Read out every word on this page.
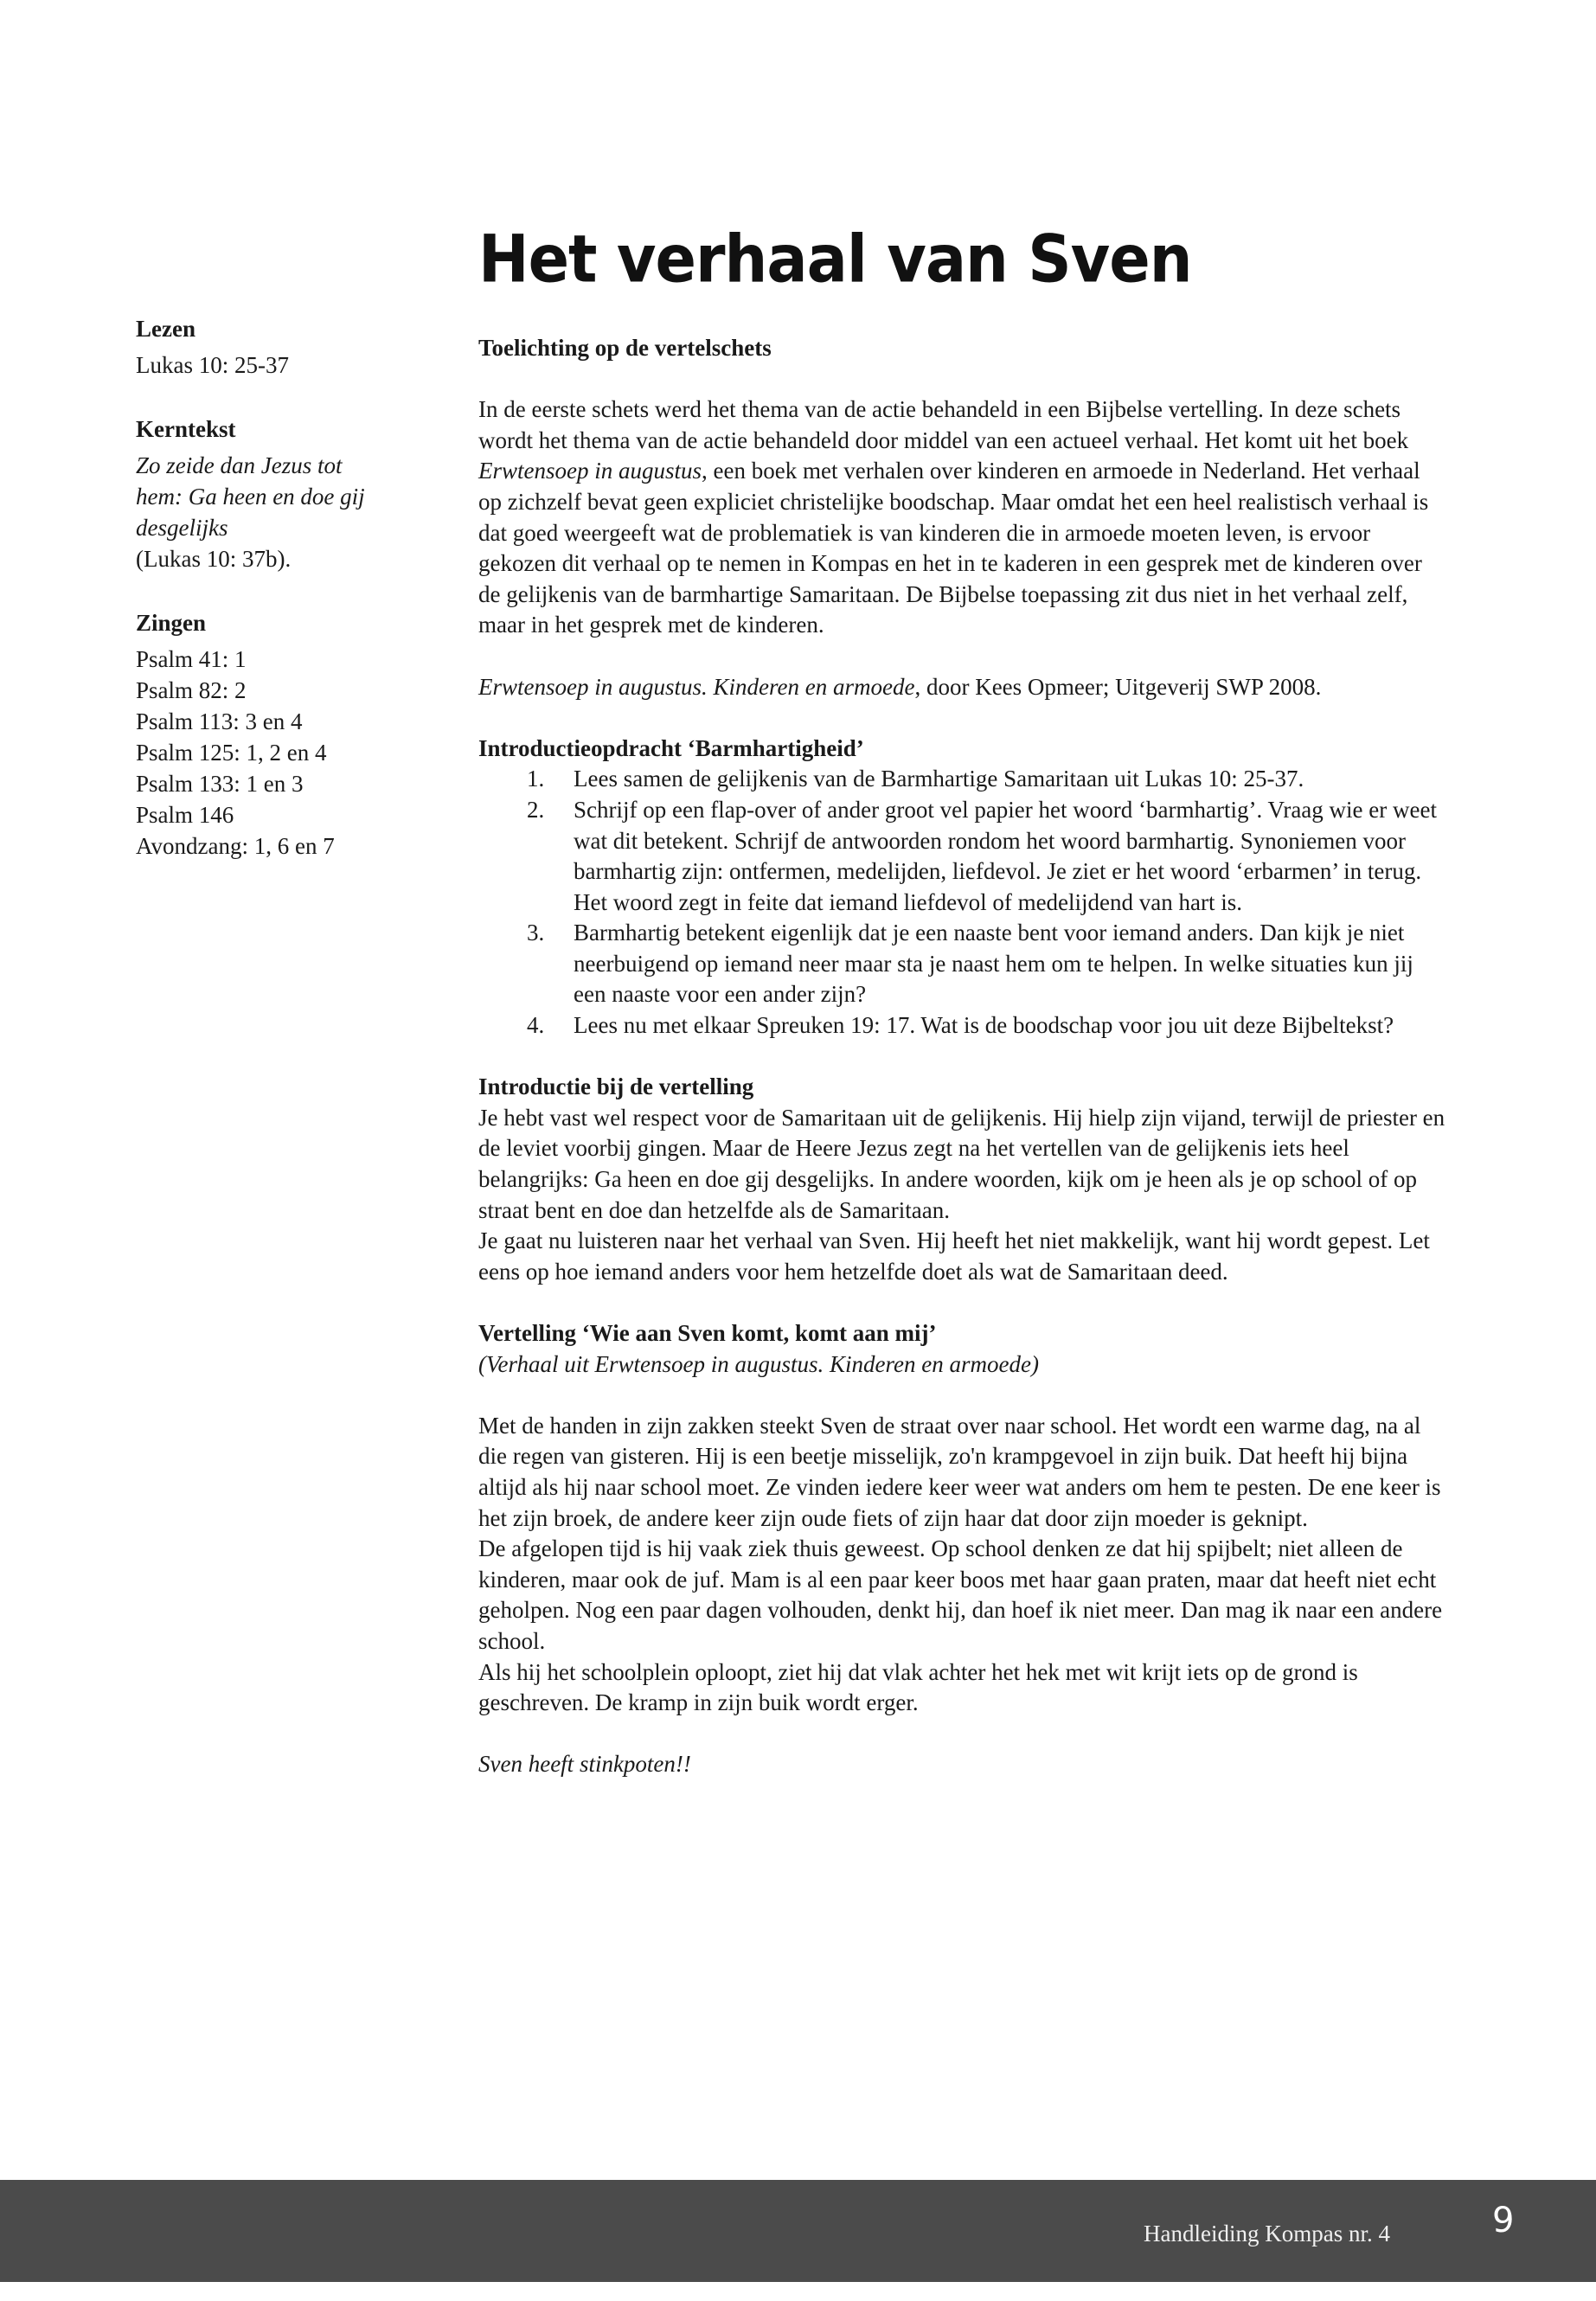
Het verhaal van Sven
Lezen
Lukas 10: 25-37
Kerntekst
Zo zeide dan Jezus tot
hem: Ga heen en doe gij
desgelijks
(Lukas 10: 37b).
Zingen
Psalm 41: 1
Psalm 82: 2
Psalm 113: 3 en 4
Psalm 125: 1, 2 en 4
Psalm 133: 1 en 3
Psalm 146
Avondzang: 1, 6 en 7

Toelichting op de vertelschets

In de eerste schets werd het thema van de actie behandeld in een Bijbelse vertelling. In deze schets wordt het thema van de actie behandeld door middel van een actueel verhaal. Het komt uit het boek Erwtensoep in augustus, een boek met verhalen over kinderen en armoede in Nederland. Het verhaal op zichzelf bevat geen expliciet christelijke boodschap. Maar omdat het een heel realistisch verhaal is dat goed weergeeft wat de problematiek is van kinderen die in armoede moeten leven, is ervoor gekozen dit verhaal op te nemen in Kompas en het in te kaderen in een gesprek met de kinderen over de gelijkenis van de barmhartige Samaritaan. De Bijbelse toepassing zit dus niet in het verhaal zelf, maar in het gesprek met de kinderen.

Erwtensoep in augustus. Kinderen en armoede, door Kees Opmeer; Uitgeverij SWP 2008.

Introductieopdracht ‘Barmhartigheid’

1. Lees samen de gelijkenis van de Barmhartige Samaritaan uit Lukas 10: 25-37.
2. Schrijf op een flap-over of ander groot vel papier het woord ‘barmhartig’. Vraag wie er weet wat dit betekent. Schrijf de antwoorden rondom het woord barmhartig. Synoniemen voor barmhartig zijn: ontfermen, medelijden, liefdevol. Je ziet er het woord ‘erbarmen’ in terug. Het woord zegt in feite dat iemand liefdevol of medelijdend van hart is.
3. Barmhartig betekent eigenlijk dat je een naaste bent voor iemand anders. Dan kijk je niet neerbuigend op iemand neer maar sta je naast hem om te helpen. In welke situaties kun jij een naaste voor een ander zijn?
4. Lees nu met elkaar Spreuken 19: 17. Wat is de boodschap voor jou uit deze Bijbeltekst?

Introductie bij de vertelling

Je hebt vast wel respect voor de Samaritaan uit de gelijkenis. Hij hielp zijn vijand, terwijl de priester en de leviet voorbij gingen. Maar de Heere Jezus zegt na het vertellen van de gelijkenis iets heel belangrijks: Ga heen en doe gij desgelijks. In andere woorden, kijk om je heen als je op school of op straat bent en doe dan hetzelfde als de Samaritaan.

Je gaat nu luisteren naar het verhaal van Sven. Hij heeft het niet makkelijk, want hij wordt gepest. Let eens op hoe iemand anders voor hem hetzelfde doet als wat de Samaritaan deed.

Vertelling ‘Wie aan Sven komt, komt aan mij’

(Verhaal uit Erwtensoep in augustus. Kinderen en armoede)

Met de handen in zijn zakken steekt Sven de straat over naar school. Het wordt een warme dag, na al die regen van gisteren. Hij is een beetje misselijk, zo'n krampgevoel in zijn buik. Dat heeft hij bijna altijd als hij naar school moet. Ze vinden iedere keer weer wat anders om hem te pesten. De ene keer is het zijn broek, de andere keer zijn oude fiets of zijn haar dat door zijn moeder is geknipt.

De afgelopen tijd is hij vaak ziek thuis geweest. Op school denken ze dat hij spijbelt; niet alleen de kinderen, maar ook de juf. Mam is al een paar keer boos met haar gaan praten, maar dat heeft niet echt geholpen. Nog een paar dagen volhouden, denkt hij, dan hoef ik niet meer. Dan mag ik naar een andere school.

Als hij het schoolplein oploopt, ziet hij dat vlak achter het hek met wit krijt iets op de grond is geschreven. De kramp in zijn buik wordt erger.

Sven heeft stinkpoten!!

Handleiding Kompas nr. 4	9
